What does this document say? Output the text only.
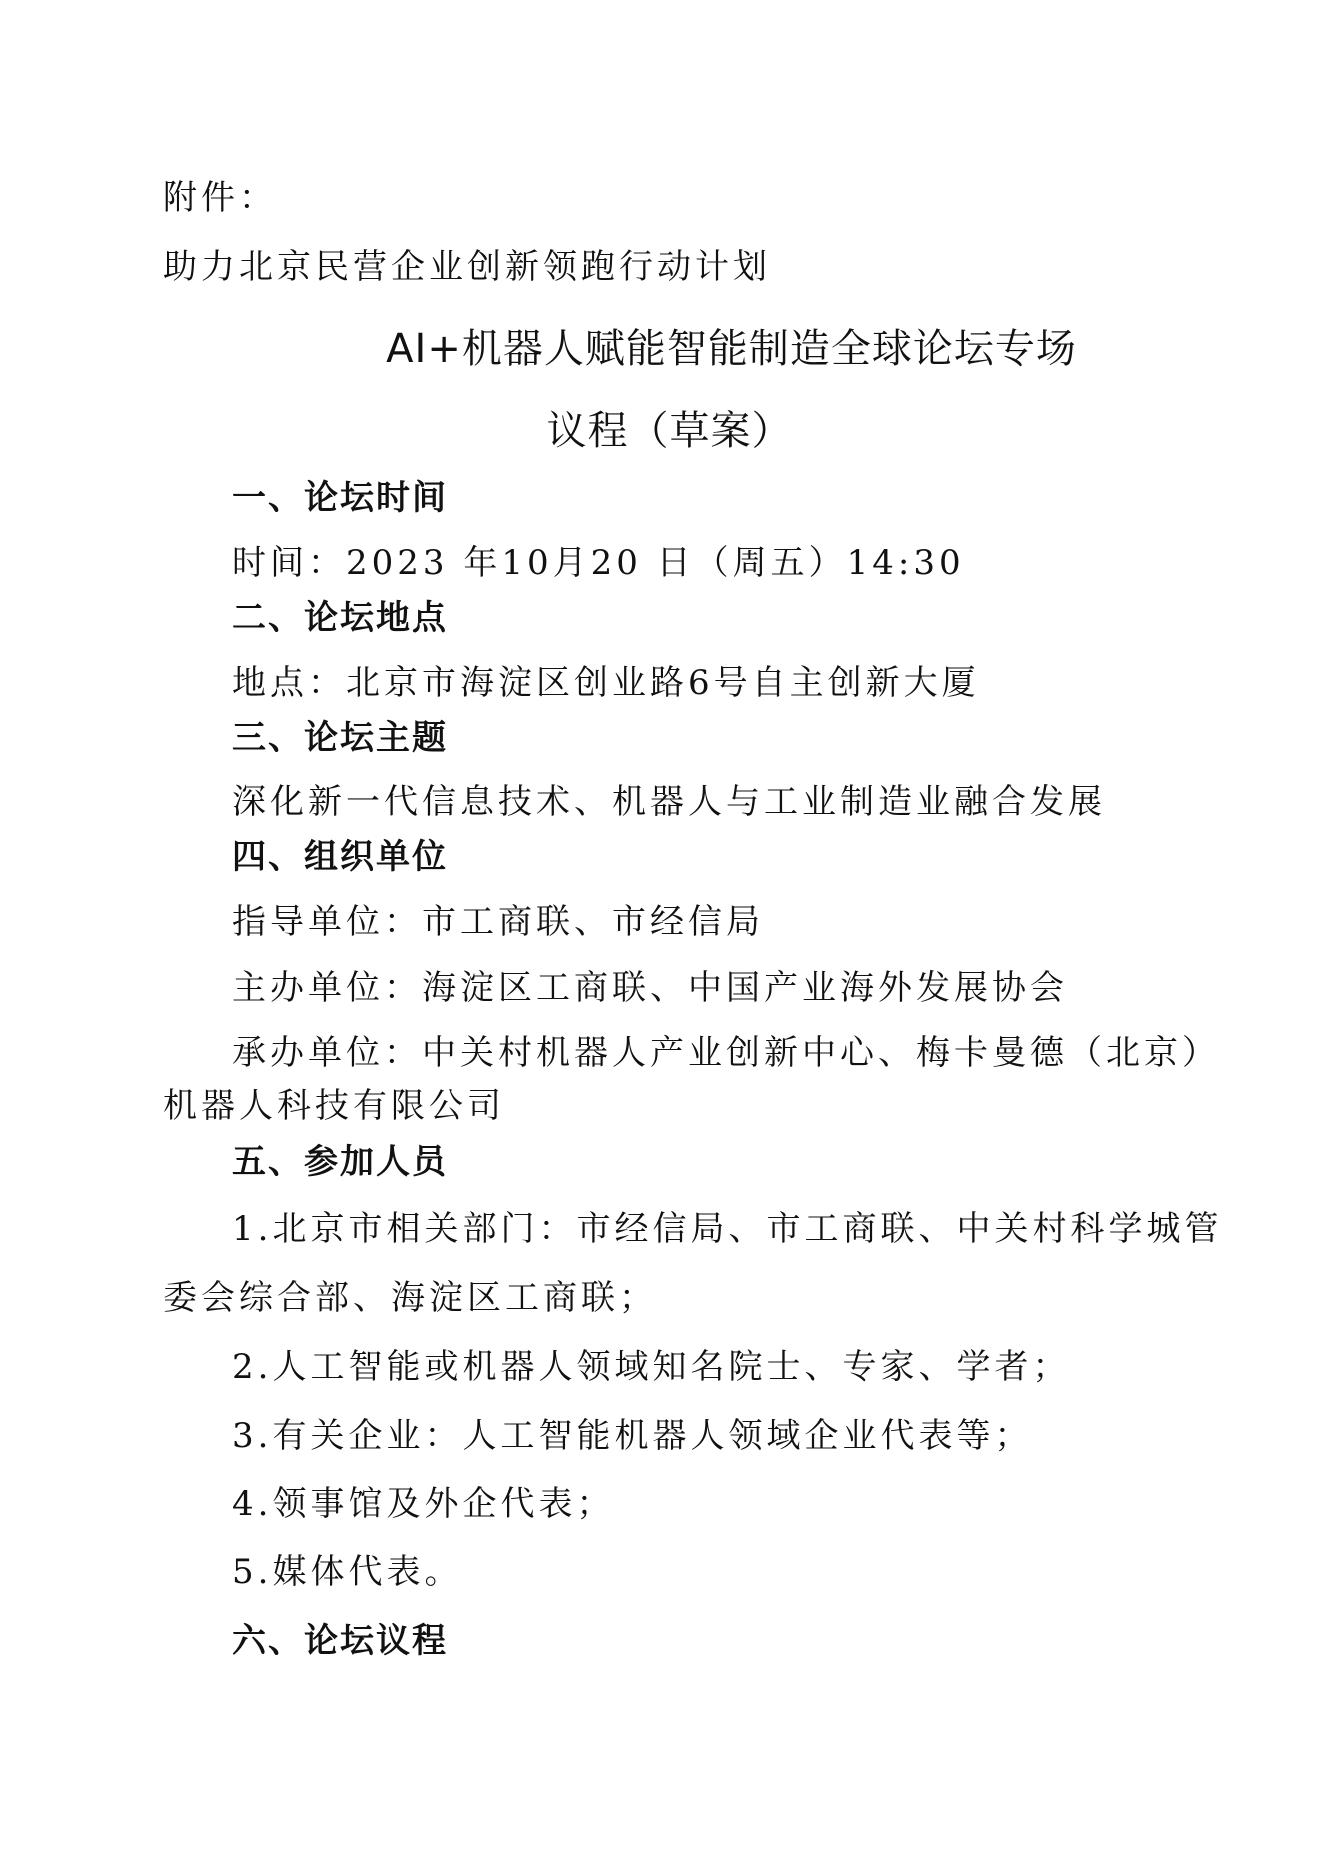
附件：
助力北京民营企业创新领跑行动计划
AI+机器人赋能智能制造全球论坛专场
议程（草案）
一、论坛时间
时间：2023 年10月20 日（周五）14:30
二、论坛地点
地点：北京市海淀区创业路6号自主创新大厦
三、论坛主题
深化新一代信息技术、机器人与工业制造业融合发展
四、组织单位
指导单位：市工商联、市经信局
主办单位：海淀区工商联、中国产业海外发展协会
承办单位：中关村机器人产业创新中心、梅卡曼德（北京）
机器人科技有限公司
五、参加人员
1.北京市相关部门：市经信局、市工商联、中关村科学城管
委会综合部、海淀区工商联；
2.人工智能或机器人领域知名院士、专家、学者；
3.有关企业：人工智能机器人领域企业代表等；
4.领事馆及外企代表；
5.媒体代表。
六、论坛议程
